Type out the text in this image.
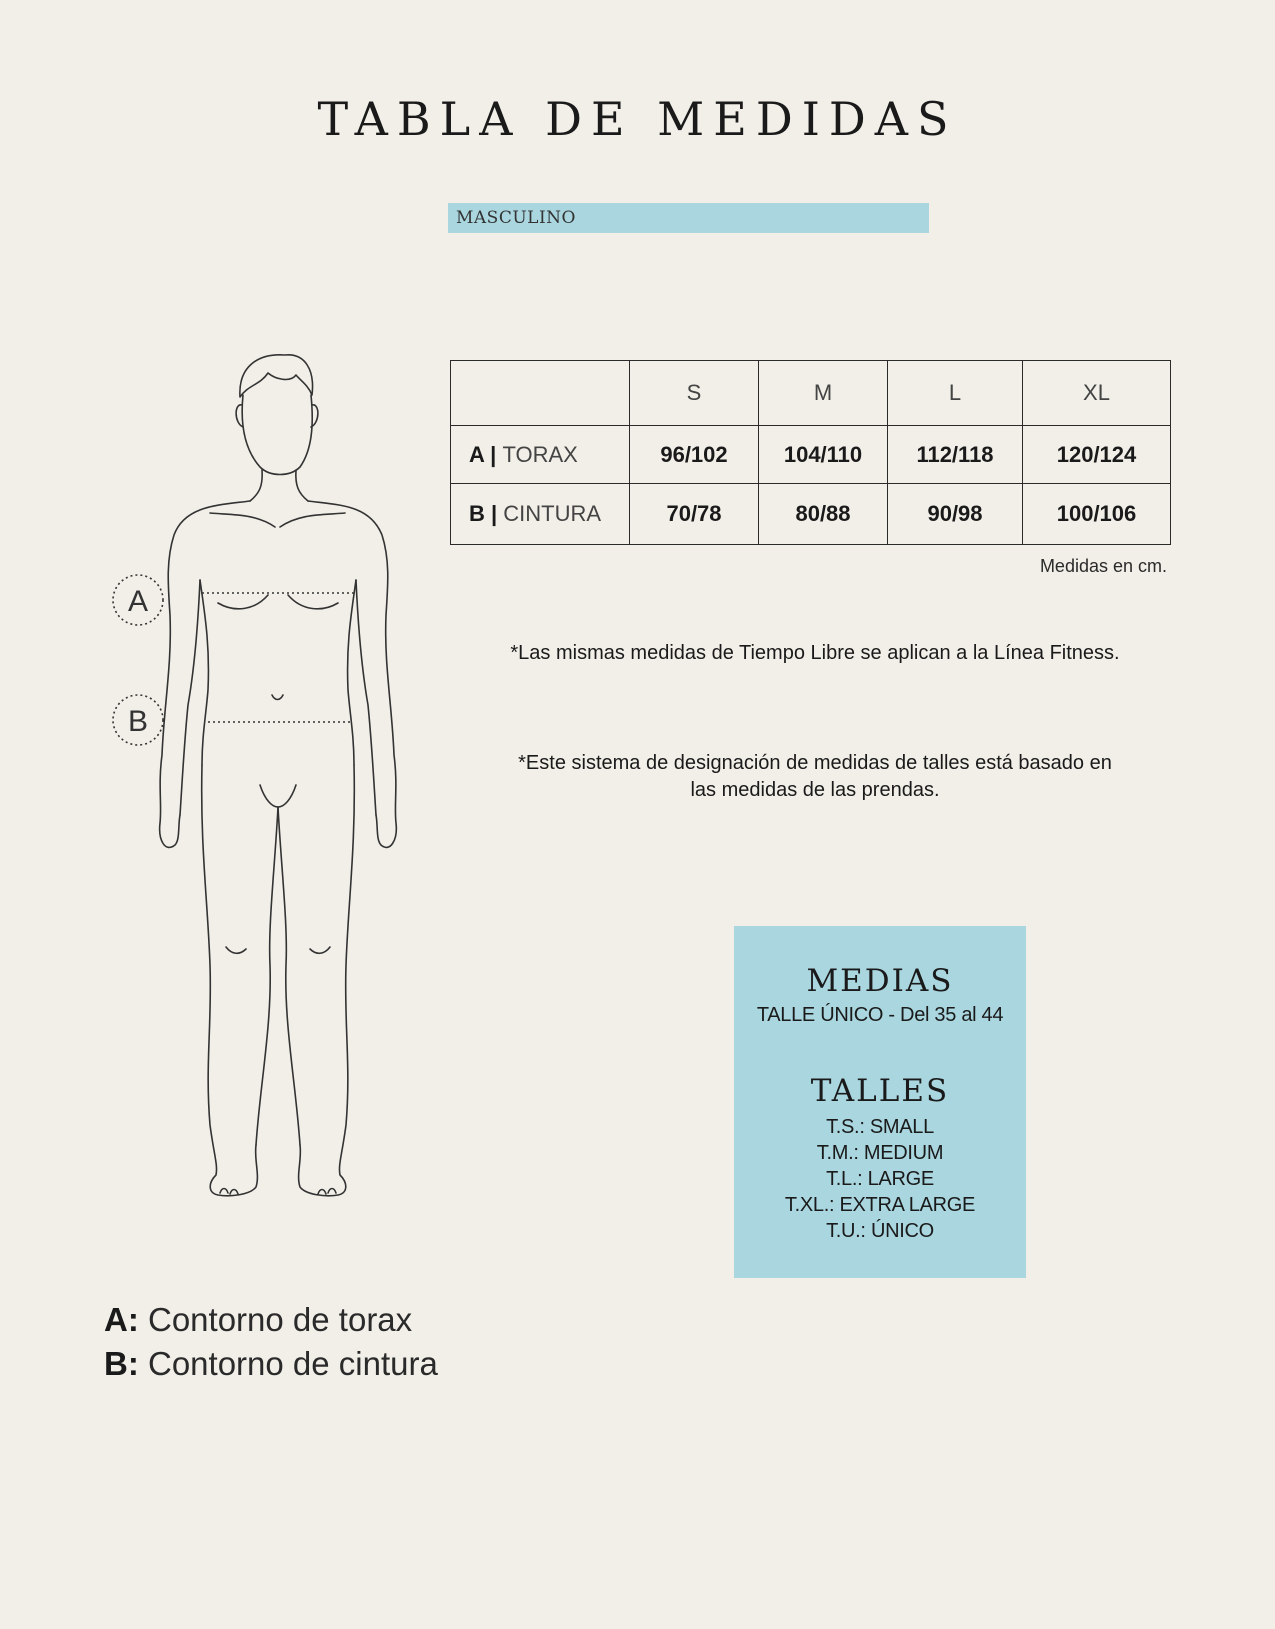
TABLA DE MEDIDAS
MASCULINO
A
B
	S	M	L	XL
A | TORAX	96/102	104/110	112/118	120/124
B | CINTURA	70/78	80/88	90/98	100/106
Medidas en cm.
*Las mismas medidas de Tiempo Libre se aplican a la Línea Fitness.
*Este sistema de designación de medidas de talles está basado en
las medidas de las prendas.
MEDIAS
TALLE ÚNICO - Del 35 al 44
TALLES
T.S.: SMALL
T.M.: MEDIUM
T.L.: LARGE
T.XL.: EXTRA LARGE
T.U.: ÚNICO
A: Contorno de torax
B: Contorno de cintura
